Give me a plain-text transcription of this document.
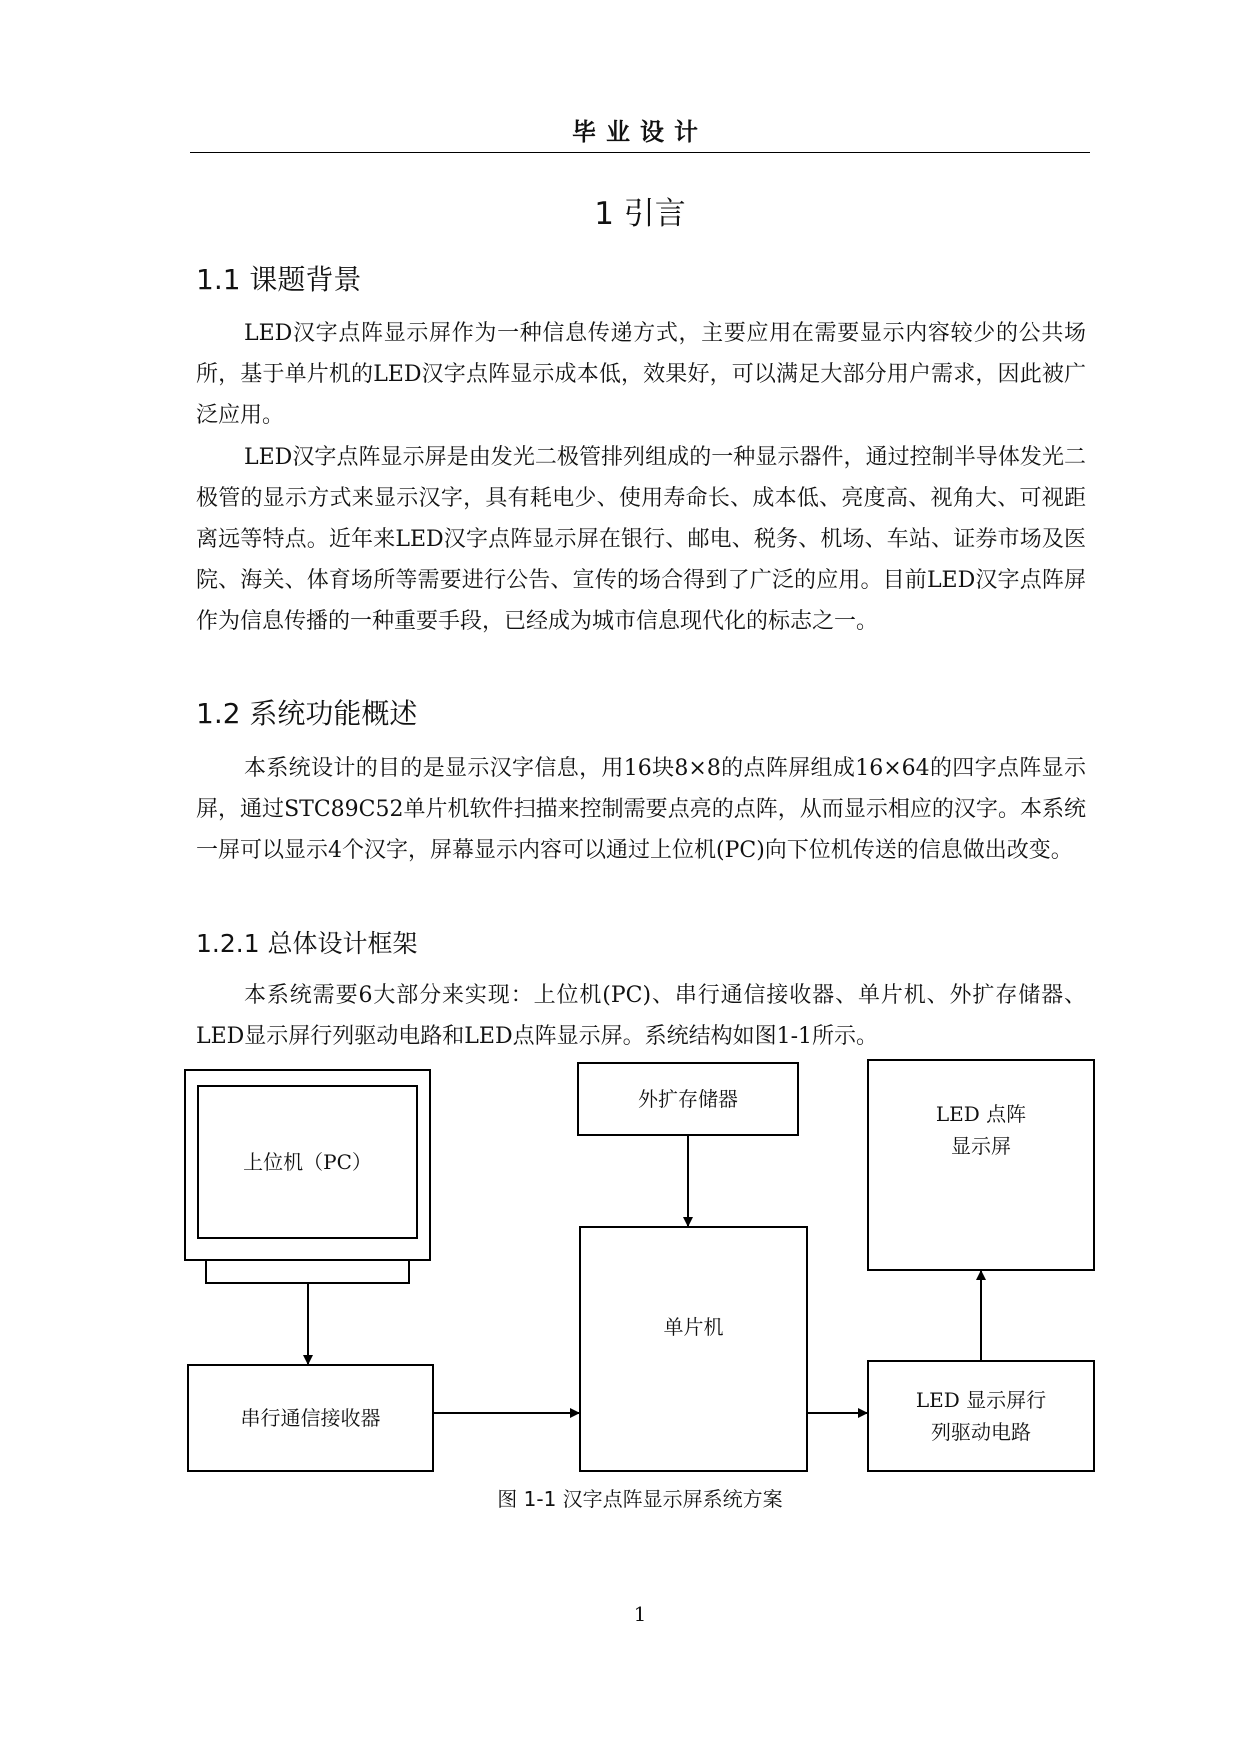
毕业设计
1 引言
1.1 课题背景

LED汉字点阵显示屏作为一种信息传递方式，主要应用在需要显示内容较少的公共场所，基于单片机的LED汉字点阵显示成本低，效果好，可以满足大部分用户需求，因此被广泛应用。

LED汉字点阵显示屏是由发光二极管排列组成的一种显示器件，通过控制半导体发光二极管的显示方式来显示汉字，具有耗电少、使用寿命长、成本低、亮度高、视角大、可视距离远等特点。近年来LED汉字点阵显示屏在银行、邮电、税务、机场、车站、证券市场及医院、海关、体育场所等需要进行公告、宣传的场合得到了广泛的应用。目前LED汉字点阵屏作为信息传播的一种重要手段，已经成为城市信息现代化的标志之一。

1.2 系统功能概述

本系统设计的目的是显示汉字信息，用16块8×8的点阵屏组成16×64的四字点阵显示屏，通过STC89C52单片机软件扫描来控制需要点亮的点阵，从而显示相应的汉字。本系统一屏可以显示4个汉字，屏幕显示内容可以通过上位机(PC)向下位机传送的信息做出改变。

1.2.1 总体设计框架

本系统需要6大部分来实现：上位机(PC)、串行通信接收器、单片机、外扩存储器、LED显示屏行列驱动电路和LED点阵显示屏。系统结构如图1-1所示。

上位机（PC）
外扩存储器
LED 点阵
显示屏
串行通信接收器
单片机
LED 显示屏行
列驱动电路
图 1-1 汉字点阵显示屏系统方案
1
